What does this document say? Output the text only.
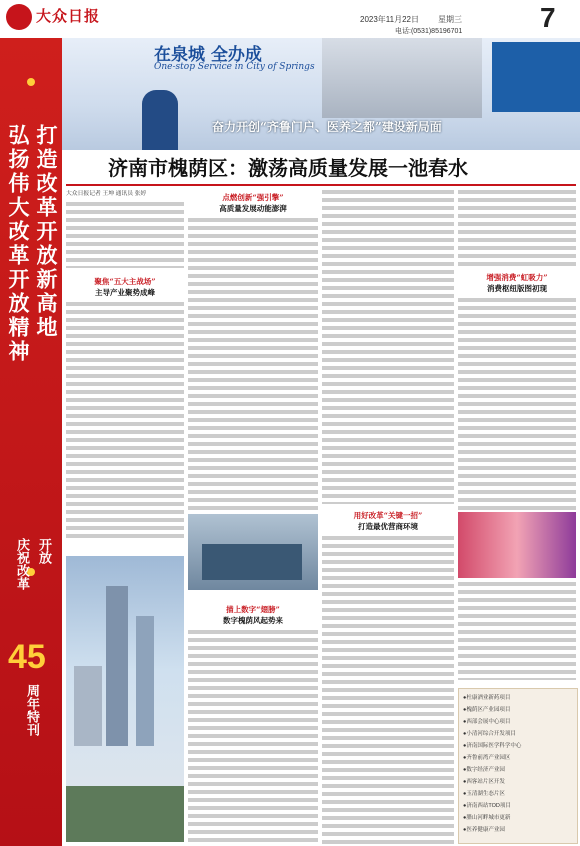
大众日报	2023年11月22日 星期三	7
电话:(0531)85196701
弘扬伟大改革开放精神 打造改革开放新高地
庆祝改革 开放
45
周年特刊
在泉城 全办成
One-stop Service in City of Springs
奋力开创“齐鲁门户、医养之都”建设新局面
济南市槐荫区：激荡高质量发展一池春水
大众日报记者 王坤 通讯员 张婷
聚焦“五大主战场”
主导产业聚势成峰
点燃创新“强引擎”
高质量发展动能澎湃
描上数字“翅膀”
数字槐荫风起势来
用好改革“关键一招”
打造最优营商环境
增强消费“虹吸力”
消费枢纽版图初现
●杜康酒业新药项目
●槐荫区产业园项目
●西部会展中心项目
●小清河综合开发项目
●济南国际医学科学中心
●齐鲁前湾产业园区
●数字经济产业园
●西客站片区开发
●玉清湖生态片区
●济南西站TOD项目
●腊山河畔城市更新
●医养健康产业园
